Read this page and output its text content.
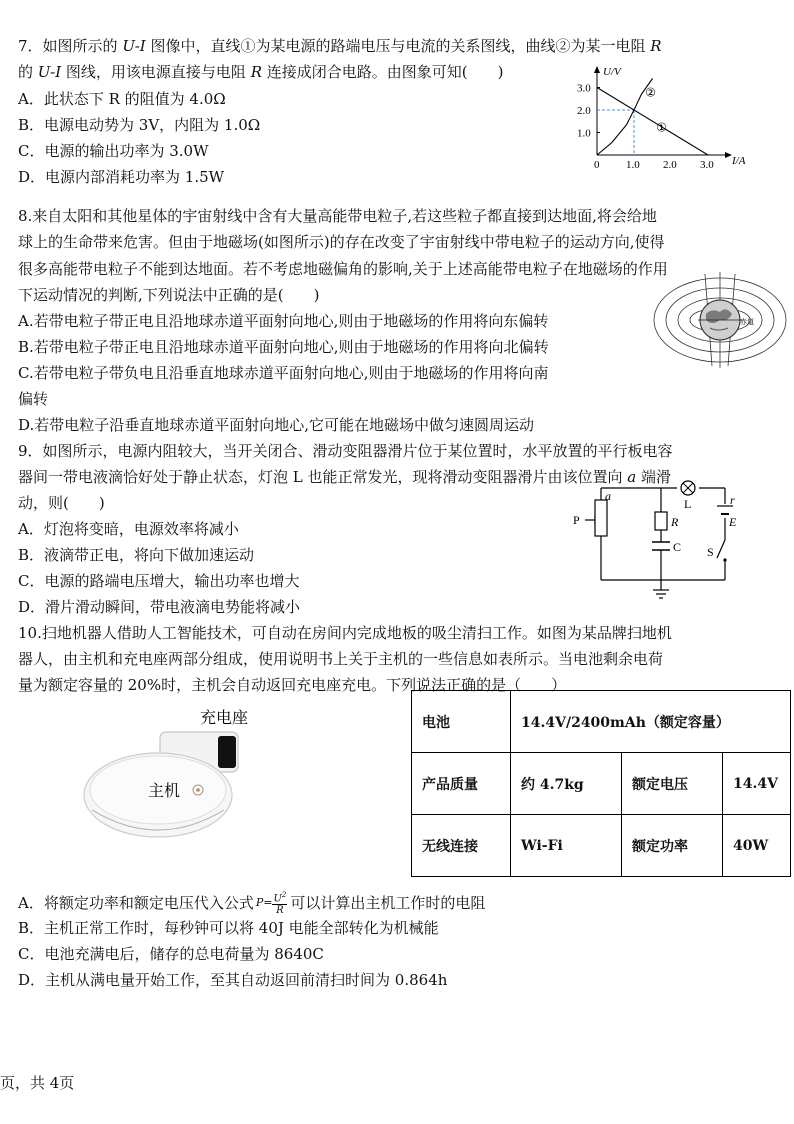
7．如图所示的 U-I 图像中，直线①为某电源的路端电压与电流的关系图线，曲线②为某一电阻 R
的 U-I 图线，用该电源直接与电阻 R 连接成闭合电路。由图象可知(　　)
A．此状态下 R 的阻值为 4.0Ω
B．电源电动势为 3V，内阻为 1.0Ω
C．电源的输出功率为 3.0W
D．电源内部消耗功率为 1.5W
U/V
I/A
0 1.0 2.0 3.0
1.0
2.0
3.0
①
②
8.来自太阳和其他星体的宇宙射线中含有大量高能带电粒子,若这些粒子都直接到达地面,将会给地
球上的生命带来危害。但由于地磁场(如图所示)的存在改变了宇宙射线中带电粒子的运动方向,使得
很多高能带电粒子不能到达地面。若不考虑地磁偏角的影响,关于上述高能带电粒子在地磁场的作用
下运动情况的判断,下列说法中正确的是(　　)
A.若带电粒子带正电且沿地球赤道平面射向地心,则由于地磁场的作用将向东偏转
B.若带电粒子带正电且沿地球赤道平面射向地心,则由于地磁场的作用将向北偏转
C.若带电粒子带负电且沿垂直地球赤道平面射向地心,则由于地磁场的作用将向南
偏转
D.若带电粒子沿垂直地球赤道平面射向地心,它可能在地磁场中做匀速圆周运动
赤道
9．如图所示，电源内阻较大，当开关闭合、滑动变阻器滑片位于某位置时，水平放置的平行板电容
器间一带电液滴恰好处于静止状态，灯泡 L 也能正常发光，现将滑动变阻器滑片由该位置向 a 端滑
动，则(　　)
A．灯泡将变暗，电源效率将减小
B．液滴带正电，将向下做加速运动
C．电源的路端电压增大，输出功率也增大
D．滑片滑动瞬间，带电液滴电势能将减小
a
P	R
C
L	r
E
S
10.扫地机器人借助人工智能技术，可自动在房间内完成地板的吸尘清扫工作。如图为某品牌扫地机
器人，由主机和充电座两部分组成，使用说明书上关于主机的一些信息如表所示。当电池剩余电荷
量为额定容量的 20%时，主机会自动返回充电座充电。下列说法正确的是（　　）
充电座
主机
电池	14.4V/2400mAh（额定容量）		
产品质量	约 4.7kg	额定电压	14.4V
无线连接	Wi-Fi	额定功率	40W
A．将额定功率和额定电压代入公式 $P = \frac{U^2}{R}$ 可以计算出主机工作时的电阻
B．主机正常工作时，每秒钟可以将 40J 电能全部转化为机械能
C．电池充满电后，储存的总电荷量为 8640C
D．主机从满电量开始工作，至其自动返回前清扫时间为 0.864h
页，共 4页
